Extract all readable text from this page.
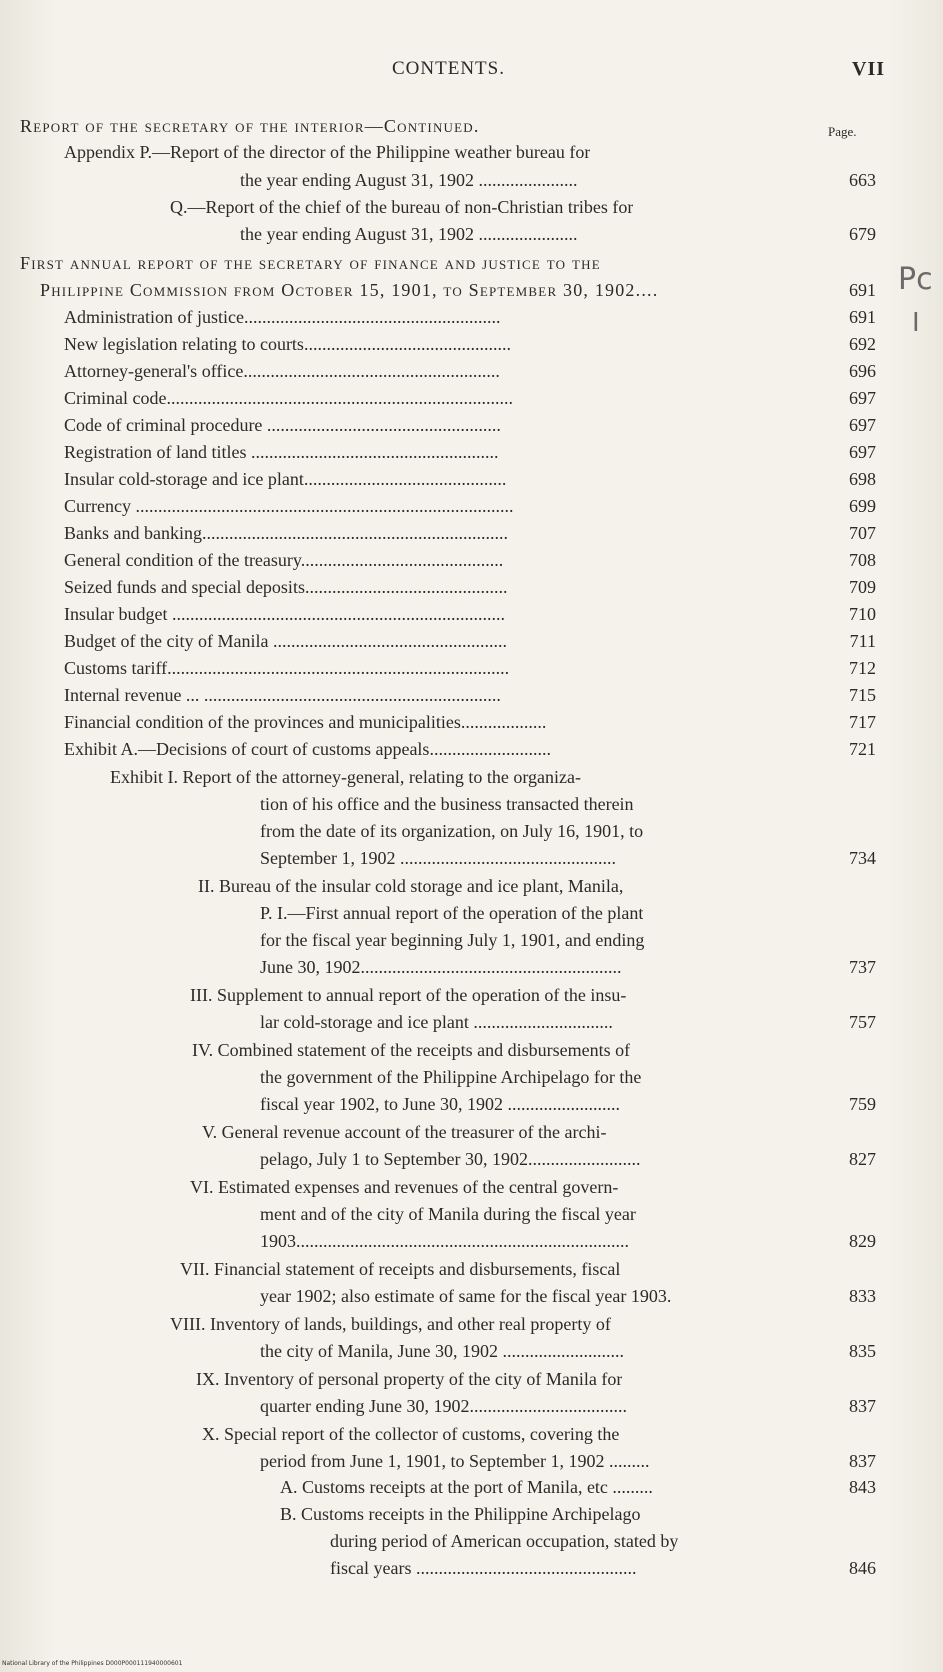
CONTENTS.	VII
Page.
Report of the secretary of the interior—Continued.
Appendix P.—Report of the director of the Philippine weather bureau for
the year ending August 31, 1902 ......................	663
Q.—Report of the chief of the bureau of non-Christian tribes for
the year ending August 31, 1902 ......................	679
First annual report of the secretary of finance and justice to the
Philippine Commission from October 15, 1901, to September 30, 1902....	691
Administration of justice.........................................................	691
New legislation relating to courts..............................................	692
Attorney-general's office.........................................................	696
Criminal code.............................................................................	697
Code of criminal procedure ....................................................	697
Registration of land titles .......................................................	697
Insular cold-storage and ice plant.............................................	698
Currency ....................................................................................	699
Banks and banking....................................................................	707
General condition of the treasury.............................................	708
Seized funds and special deposits.............................................	709
Insular budget ..........................................................................	710
Budget of the city of Manila ....................................................	711
Customs tariff............................................................................	712
Internal revenue ... ..................................................................	715
Financial condition of the provinces and municipalities...................	717
Exhibit A.—Decisions of court of customs appeals...........................	721
Exhibit I. Report of the attorney-general, relating to the organiza-
tion of his office and the business transacted therein
from the date of its organization, on July 16, 1901, to
September 1, 1902 ................................................	734
II. Bureau of the insular cold storage and ice plant, Manila,
P. I.—First annual report of the operation of the plant
for the fiscal year beginning July 1, 1901, and ending
June 30, 1902..........................................................	737
III. Supplement to annual report of the operation of the insu-
lar cold-storage and ice plant ...............................	757
IV. Combined statement of the receipts and disbursements of
the government of the Philippine Archipelago for the
fiscal year 1902, to June 30, 1902 .........................	759
V. General revenue account of the treasurer of the archi-
pelago, July 1 to September 30, 1902.........................	827
VI. Estimated expenses and revenues of the central govern-
ment and of the city of Manila during the fiscal year
1903..........................................................................	829
VII. Financial statement of receipts and disbursements, fiscal
year 1902; also estimate of same for the fiscal year 1903.	833
VIII. Inventory of lands, buildings, and other real property of
the city of Manila, June 30, 1902 ...........................	835
IX. Inventory of personal property of the city of Manila for
quarter ending June 30, 1902...................................	837
X. Special report of the collector of customs, covering the
period from June 1, 1901, to September 1, 1902 .........	837
A. Customs receipts at the port of Manila, etc .........	843
B. Customs receipts in the Philippine Archipelago
during period of American occupation, stated by
fiscal years .................................................	846
Pc
I
National Library of the Philippines D000P000111940000601
